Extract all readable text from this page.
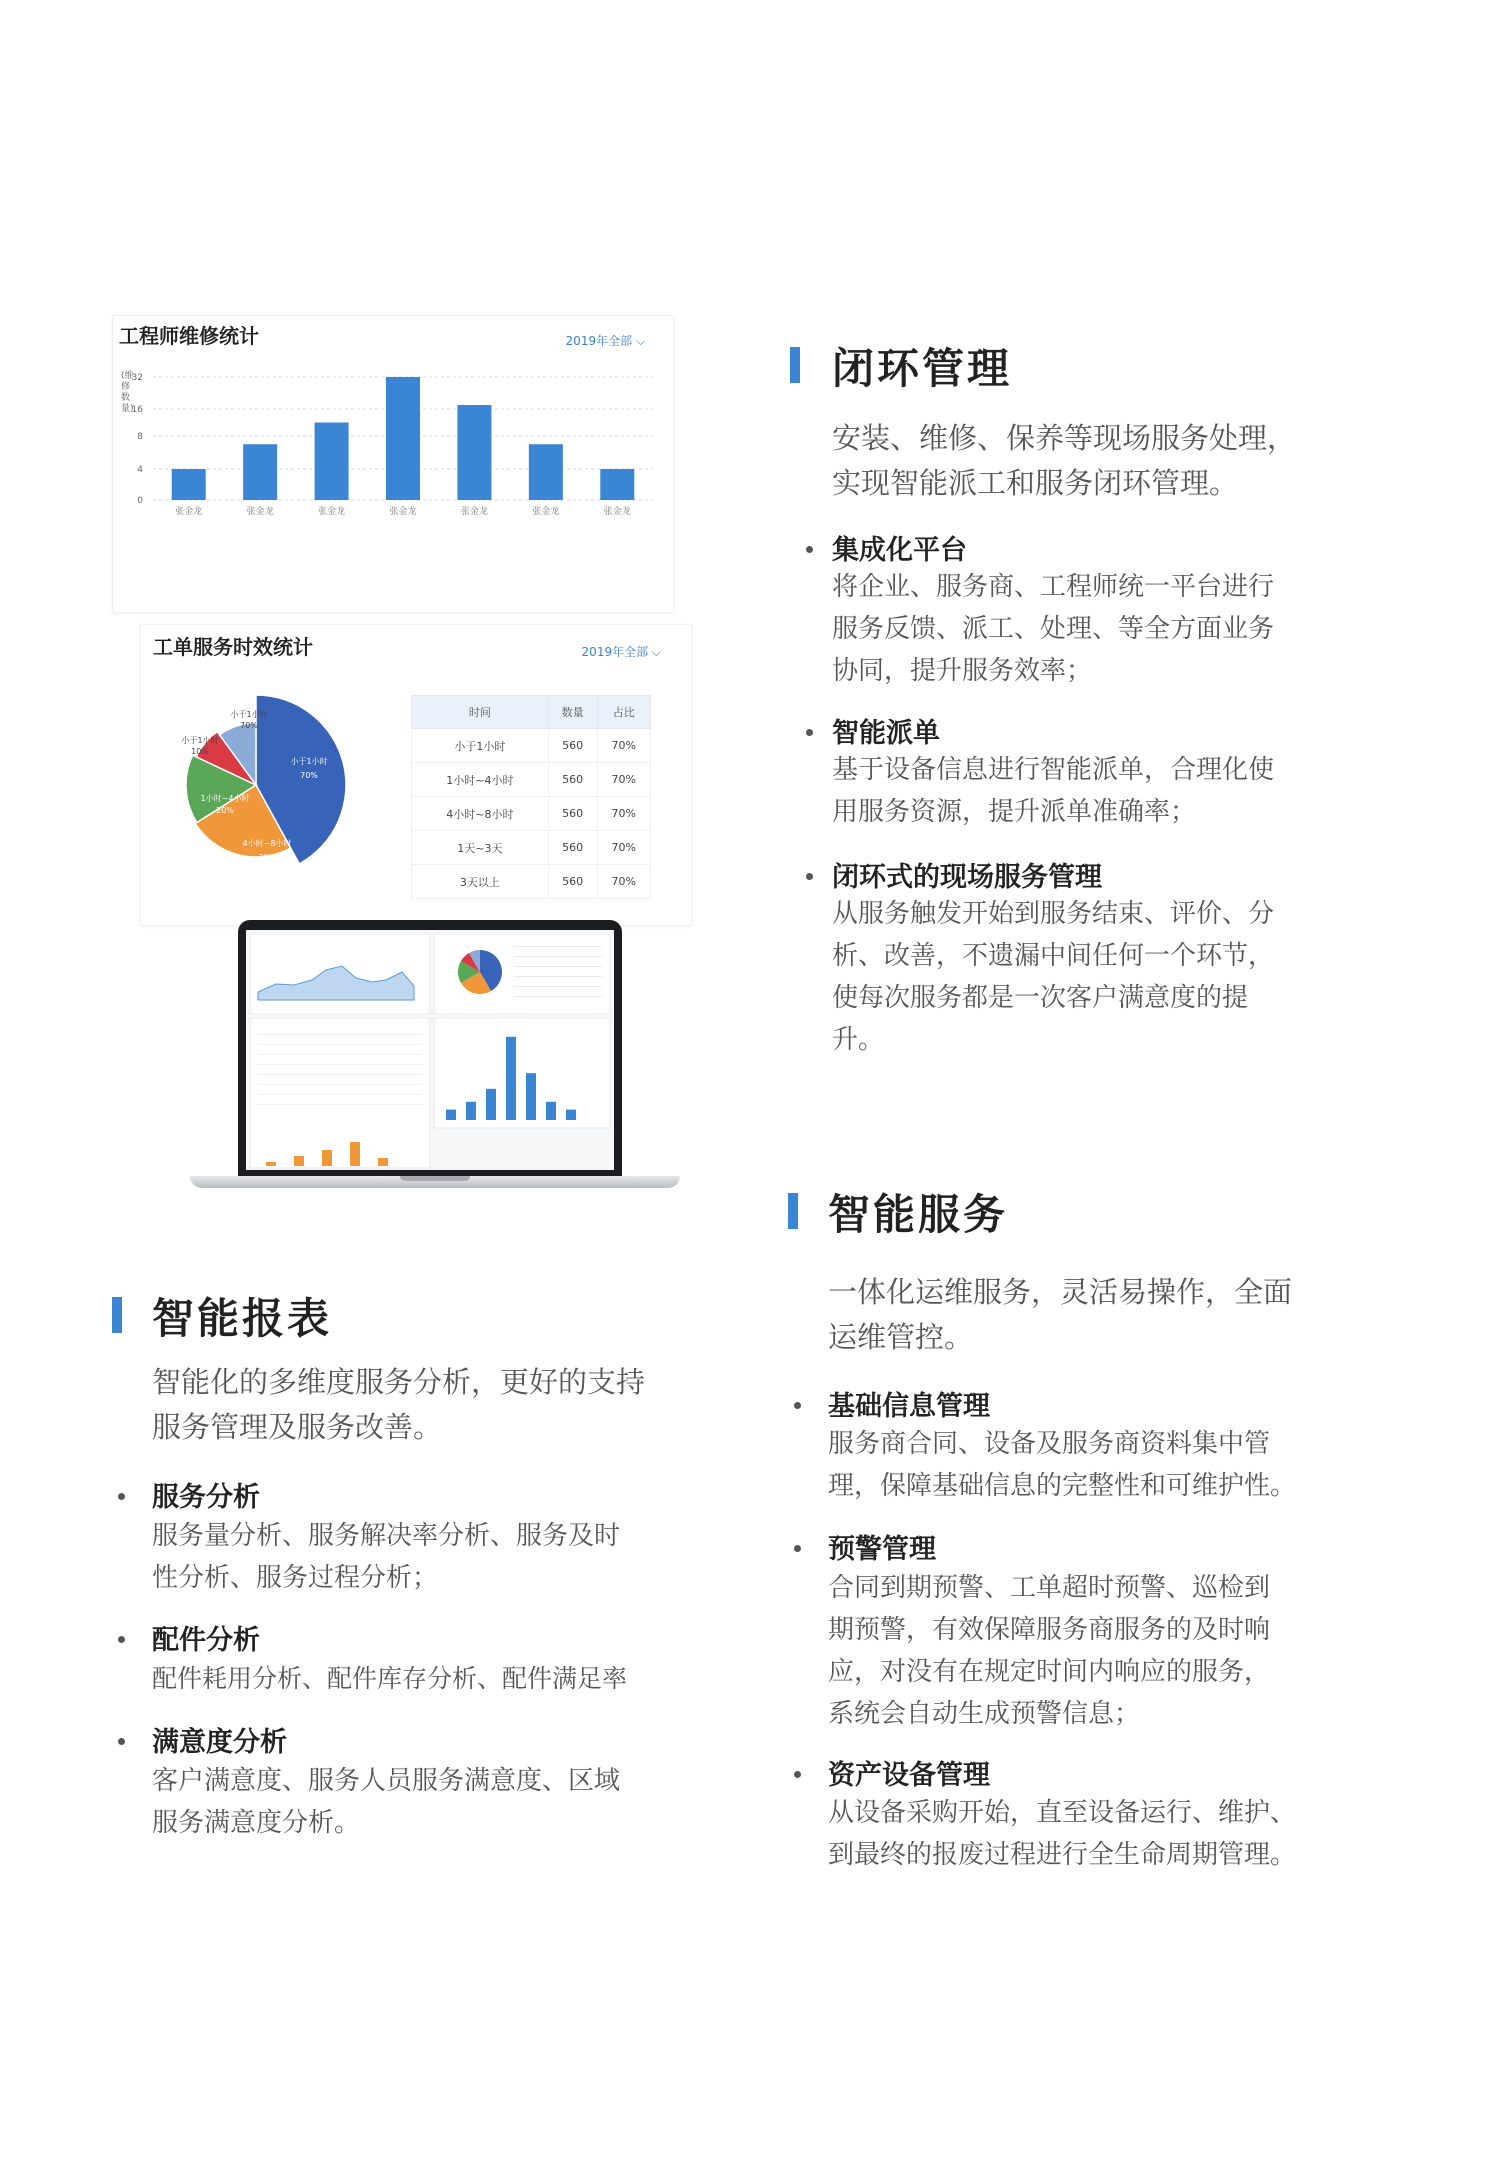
工程师维修统计	2019年全部 ⌵
(维修数量)
0
4
8
16
32
张金龙	张金龙	张金龙	张金龙	张金龙	张金龙	张金龙
工单服务时效统计	2019年全部 ⌵
小于1小时 70%
小于1小时 10%
小于1小时 70%
1小时~4小时 20%
4小时~8小时 30%
时间	数量	占比
小于1小时	560	70%
1小时~4小时	560	70%
4小时~8小时	560	70%
1天~3天	560	70%
3天以上	560	70%
闭环管理
安装、维修、保养等现场服务处理，
实现智能派工和服务闭环管理。
集成化平台
将企业、服务商、工程师统一平台进行
服务反馈、派工、处理、等全方面业务
协同，提升服务效率；
智能派单
基于设备信息进行智能派单，合理化使
用服务资源，提升派单准确率；
闭环式的现场服务管理
从服务触发开始到服务结束、评价、分
析、改善，不遗漏中间任何一个环节，
使每次服务都是一次客户满意度的提
升。
智能服务
一体化运维服务，灵活易操作，全面
运维管控。
基础信息管理
服务商合同、设备及服务商资料集中管
理，保障基础信息的完整性和可维护性。
预警管理
合同到期预警、工单超时预警、巡检到
期预警，有效保障服务商服务的及时响
应，对没有在规定时间内响应的服务，
系统会自动生成预警信息；
资产设备管理
从设备采购开始，直至设备运行、维护、
到最终的报废过程进行全生命周期管理。
智能报表
智能化的多维度服务分析，更好的支持
服务管理及服务改善。
服务分析
服务量分析、服务解决率分析、服务及时
性分析、服务过程分析；
配件分析
配件耗用分析、配件库存分析、配件满足率
满意度分析
客户满意度、服务人员服务满意度、区域
服务满意度分析。
